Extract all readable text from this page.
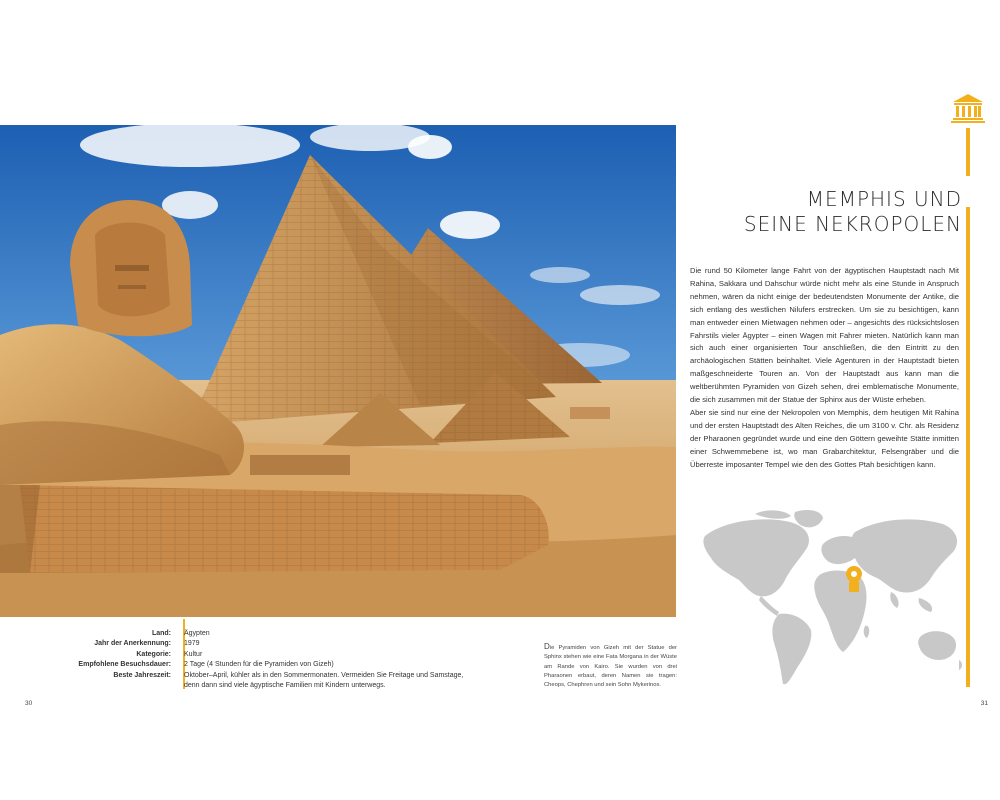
MEMPHIS UND
SEINE NEKROPOLEN

Die rund 50 Kilometer lange Fahrt von der ägyptischen Hauptstadt nach Mit Rahina, Sakkara und Dahschur würde nicht mehr als eine Stunde in Anspruch nehmen, wären da nicht einige der bedeutendsten Monumente der Antike, die sich entlang des westlichen Nilufers erstrecken. Um sie zu besichtigen, kann man entweder einen Mietwagen nehmen oder – angesichts des rücksichtslosen Fahrstils vieler Ägypter – einen Wagen mit Fahrer mieten. Natürlich kann man sich auch einer organisierten Tour anschließen, die den Eintritt zu den archäologischen Stätten beinhaltet. Viele Agenturen in der Hauptstadt bieten maßgeschneiderte Touren an. Von der Hauptstadt aus kann man die weltberühmten Pyramiden von Gizeh sehen, drei emblematische Monumente, die sich zusammen mit der Statue der Sphinx aus der Wüste erheben.

Aber sie sind nur eine der Nekropolen von Memphis, dem heutigen Mit Rahina und der ersten Hauptstadt des Alten Reiches, die um 3100 v. Chr. als Residenz der Pharaonen gegründet wurde und eine den Göttern geweihte Stätte inmitten einer Schwemmebene ist, wo man Grabarchitektur, Felsengräber und die Überreste imposanter Tempel wie den des Gottes Ptah besichtigen kann.

Land:	Ägypten
Jahr der Anerkennung:	1979
Kategorie:	Kultur
Empfohlene Besuchsdauer:	2 Tage (4 Stunden für die Pyramiden von Gizeh)
Beste Jahreszeit:	Oktober–April, kühler als in den Sommermonaten. Vermeiden Sie Freitage und Samstage, denn dann sind viele ägyptische Familien mit Kindern unterwegs.
Die Pyramiden von Gizeh mit der Statue der Sphinx stehen wie eine Fata Morgana in der Wüste am Rande von Kairo. Sie wurden von drei Pharaonen erbaut, deren Namen sie tragen: Cheops, Chephren und sein Sohn Mykerinos.
30	31
